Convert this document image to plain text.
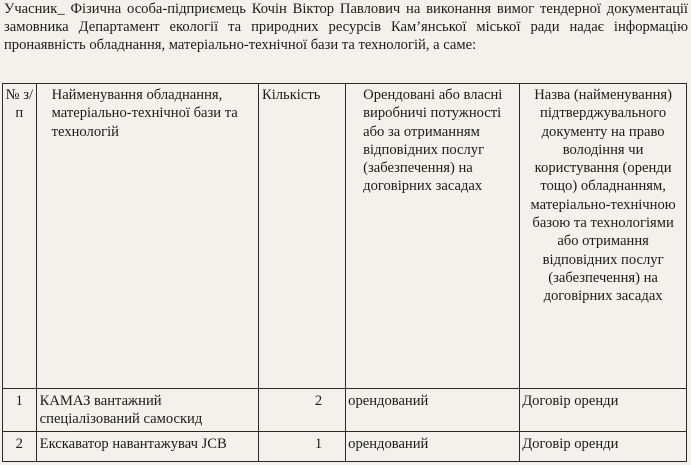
Учасник_ Фізична особа-підприємець Кочін Віктор Павлович на виконання вимог тендерної документації замовника Департамент екології та природних ресурсів Кам’янської міської ради надає інформацію пронаявність обладнання, матеріально-технічної бази та технологій, а саме:

№ з/п	Найменування обладнання, матеріально-технічної бази та технологій	Кількість	Орендовані або власні виробничі потужності або за отриманням відповідних послуг (забезпечення) на договірних засадах	Назва (найменування) підтверджувального документу на право володіння чи користування (оренди тощо) обладнанням, матеріально-технічною базою та технологіями або отримання відповідних послуг (забезпечення) на договірних засадах
1	КАМАЗ вантажний спеціалізований самоскид	2	орендований	Договір оренди
2	Екскаватор навантажувач JCB	1	орендований	Договір оренди
